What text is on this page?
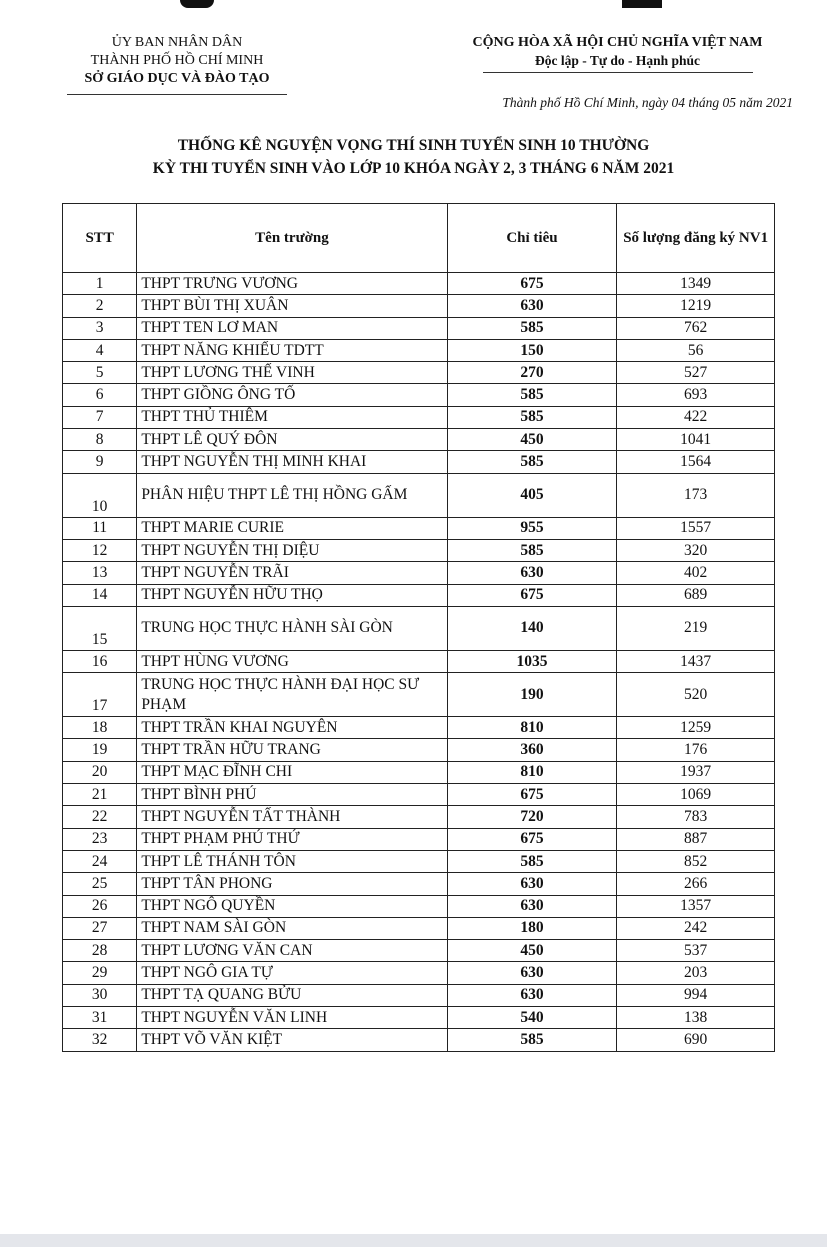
ỦY BAN NHÂN DÂN
THÀNH PHỐ HỒ CHÍ MINH
SỞ GIÁO DỤC VÀ ĐÀO TẠO
CỘNG HÒA XÃ HỘI CHỦ NGHĨA VIỆT NAM
Độc lập - Tự do - Hạnh phúc
Thành phố Hồ Chí Minh, ngày 04 tháng 05 năm 2021
THỐNG KÊ NGUYỆN VỌNG THÍ SINH TUYỂN SINH 10 THƯỜNG
KỲ THI TUYỂN SINH VÀO LỚP 10 KHÓA NGÀY 2, 3 THÁNG 6 NĂM 2021
STT	Tên trường	Chỉ tiêu	Số lượng đăng ký NV1
1	THPT TRƯNG VƯƠNG	675	1349
2	THPT BÙI THỊ XUÂN	630	1219
3	THPT TEN LƠ MAN	585	762
4	THPT NĂNG KHIẾU TDTT	150	56
5	THPT LƯƠNG THẾ VINH	270	527
6	THPT GIỒNG ÔNG TỐ	585	693
7	THPT THỦ THIÊM	585	422
8	THPT LÊ QUÝ ĐÔN	450	1041
9	THPT NGUYỄN THỊ MINH KHAI	585	1564
10	PHÂN HIỆU THPT LÊ THỊ HỒNG GẤM	405	173
11	THPT MARIE CURIE	955	1557
12	THPT NGUYỄN THỊ DIỆU	585	320
13	THPT NGUYỄN TRÃI	630	402
14	THPT NGUYỄN HỮU THỌ	675	689
15	TRUNG HỌC THỰC HÀNH SÀI GÒN	140	219
16	THPT HÙNG VƯƠNG	1035	1437
17	TRUNG HỌC THỰC HÀNH ĐẠI HỌC SƯ PHẠM	190	520
18	THPT TRẦN KHAI NGUYÊN	810	1259
19	THPT TRẦN HỮU TRANG	360	176
20	THPT MẠC ĐĨNH CHI	810	1937
21	THPT BÌNH PHÚ	675	1069
22	THPT NGUYỄN TẤT THÀNH	720	783
23	THPT PHẠM PHÚ THỨ	675	887
24	THPT LÊ THÁNH TÔN	585	852
25	THPT TÂN PHONG	630	266
26	THPT NGÔ QUYỀN	630	1357
27	THPT NAM SÀI GÒN	180	242
28	THPT LƯƠNG VĂN CAN	450	537
29	THPT NGÔ GIA TỰ	630	203
30	THPT TẠ QUANG BỬU	630	994
31	THPT NGUYỄN VĂN LINH	540	138
32	THPT VÕ VĂN KIỆT	585	690
